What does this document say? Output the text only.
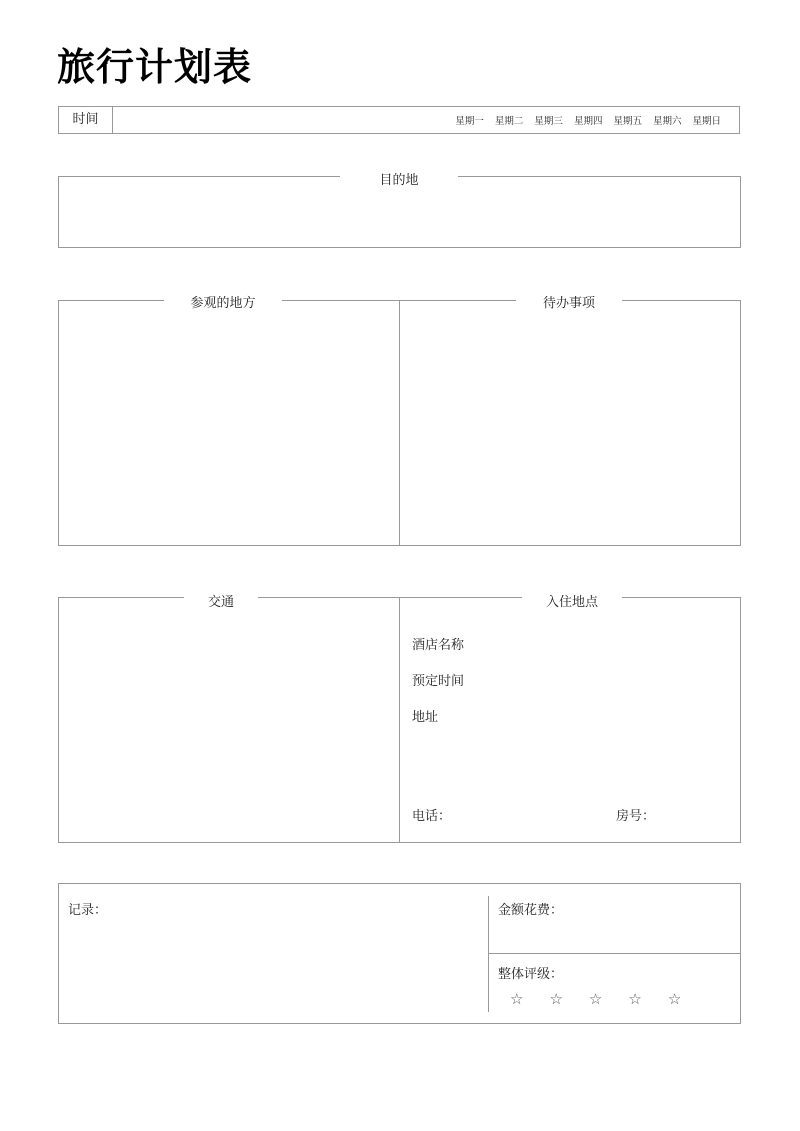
旅行计划表
时间	星期一 星期二 星期三 星期四 星期五 星期六 星期日
目的地
参观的地方	待办事项
交通	入住地点
酒店名称
预定时间
地址
电话：	房号：
记录：	金额花费：
整体评级：
☆ ☆ ☆ ☆ ☆
